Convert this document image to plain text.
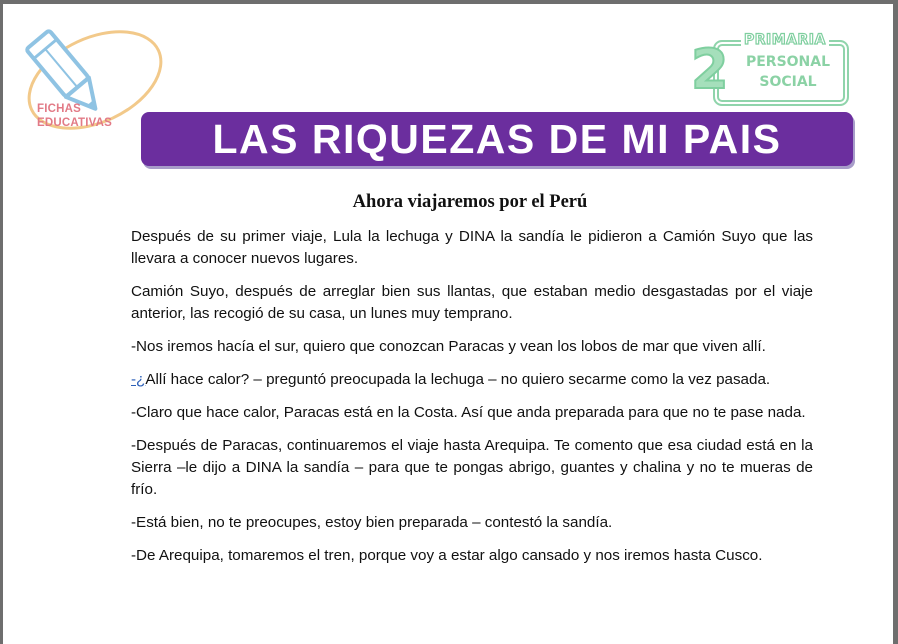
FICHAS
EDUCATIVAS
PRIMARIA
2 PERSONAL
SOCIAL
LAS RIQUEZAS DE MI PAIS
Ahora viajaremos por el Perú

Después de su primer viaje, Lula la lechuga y DINA la sandía le pidieron a Camión Suyo que las llevara a conocer nuevos lugares.

Camión Suyo, después de arreglar bien sus llantas, que estaban medio desgastadas por el viaje anterior, las recogió de su casa, un lunes muy temprano.

-Nos iremos hacía el sur, quiero que conozcan Paracas y vean los lobos de mar que viven allí.

-¿Allí hace calor? – preguntó preocupada la lechuga – no quiero secarme como la vez pasada.

-Claro que hace calor, Paracas está en la Costa. Así que anda preparada para que no te pase nada.

-Después de Paracas, continuaremos el viaje hasta Arequipa. Te comento que esa ciudad está en la Sierra –le dijo a DINA la sandía – para que te pongas abrigo, guantes y chalina y no te mueras de frío.

-Está bien, no te preocupes, estoy bien preparada – contestó la sandía.

-De Arequipa, tomaremos el tren, porque voy a estar algo cansado y nos iremos hasta Cusco.
